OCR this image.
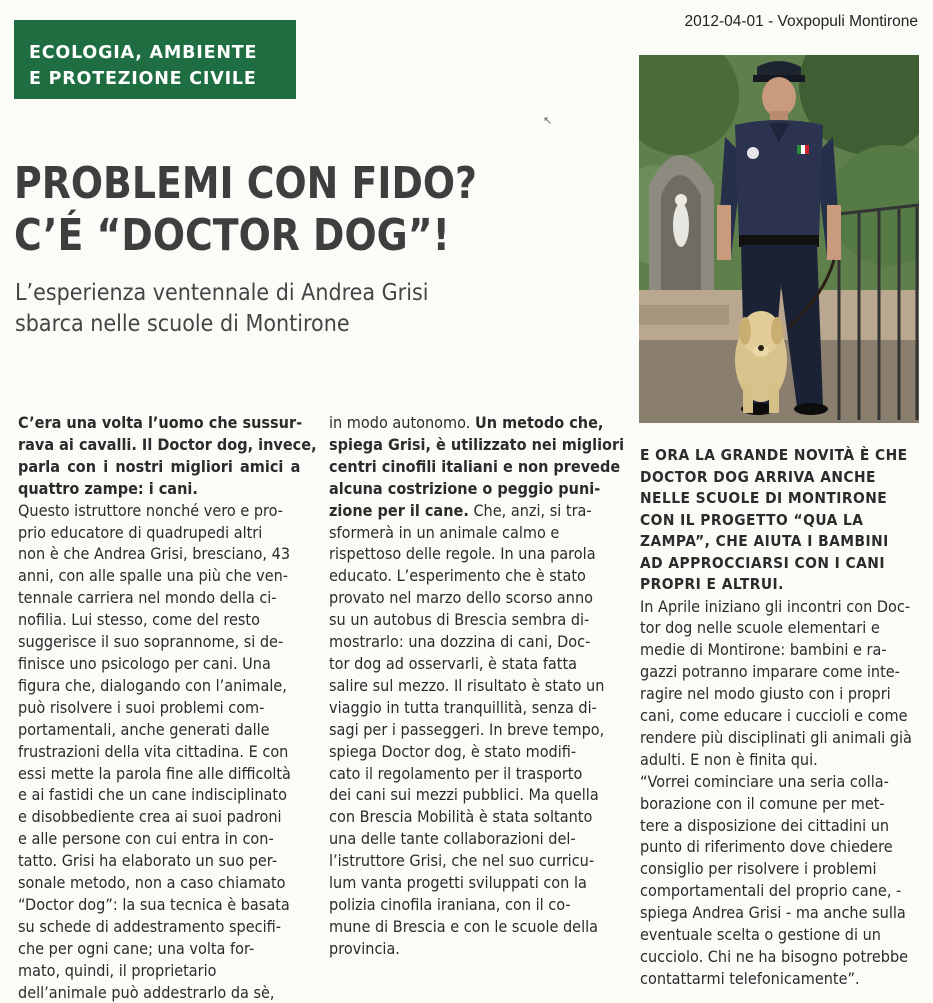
2012-04-01 - Voxpopuli Montirone
ECOLOGIA, AMBIENTE
E PROTEZIONE CIVILE
↖
PROBLEMI CON FIDO?
C’É “DOCTOR DOG”!
L’esperienza ventennale di Andrea Grisi
sbarca nelle scuole di Montirone

C’era una volta l’uomo che sussur-
rava ai cavalli. Il Doctor dog, invece,
parla con i nostri migliori amici a
quattro zampe: i cani.

Questo istruttore nonché vero e pro-
prio educatore di quadrupedi altri
non è che Andrea Grisi, bresciano, 43
anni, con alle spalle una più che ven-
tennale carriera nel mondo della ci-
nofilia. Lui stesso, come del resto
suggerisce il suo soprannome, si de-
finisce uno psicologo per cani. Una
figura che, dialogando con l’animale,
può risolvere i suoi problemi com-
portamentali, anche generati dalle
frustrazioni della vita cittadina. E con
essi mette la parola fine alle difficoltà
e ai fastidi che un cane indisciplinato
e disobbediente crea ai suoi padroni
e alle persone con cui entra in con-
tatto. Grisi ha elaborato un suo per-
sonale metodo, non a caso chiamato
“Doctor dog”: la sua tecnica è basata
su schede di addestramento specifi-
che per ogni cane; una volta for-
mato, quindi, il proprietario
dell’animale può addestrarlo da sè,

in modo autonomo. Un metodo che,
spiega Grisi, è utilizzato nei migliori
centri cinofili italiani e non prevede
alcuna costrizione o peggio puni-
zione per il cane. Che, anzi, si tra-
sformerà in un animale calmo e
rispettoso delle regole. In una parola
educato. L’esperimento che è stato
provato nel marzo dello scorso anno
su un autobus di Brescia sembra di-
mostrarlo: una dozzina di cani, Doc-
tor dog ad osservarli, è stata fatta
salire sul mezzo. Il risultato è stato un
viaggio in tutta tranquillità, senza di-
sagi per i passeggeri. In breve tempo,
spiega Doctor dog, è stato modifi-
cato il regolamento per il trasporto
dei cani sui mezzi pubblici. Ma quella
con Brescia Mobilità è stata soltanto
una delle tante collaborazioni del-
l’istruttore Grisi, che nel suo curricu-
lum vanta progetti sviluppati con la
polizia cinofila iraniana, con il co-
mune di Brescia e con le scuole della
provincia.

E ORA LA GRANDE NOVITÀ È CHE
DOCTOR DOG ARRIVA ANCHE
NELLE SCUOLE DI MONTIRONE
CON IL PROGETTO “QUA LA
ZAMPA”, CHE AIUTA I BAMBINI
AD APPROCCIARSI CON I CANI
PROPRI E ALTRUI.

In Aprile iniziano gli incontri con Doc-
tor dog nelle scuole elementari e
medie di Montirone: bambini e ra-
gazzi potranno imparare come inte-
ragire nel modo giusto con i propri
cani, come educare i cuccioli e come
rendere più disciplinati gli animali già
adulti. E non è finita qui.
“Vorrei cominciare una seria colla-
borazione con il comune per met-
tere a disposizione dei cittadini un
punto di riferimento dove chiedere
consiglio per risolvere i problemi
comportamentali del proprio cane, -
spiega Andrea Grisi - ma anche sulla
eventuale scelta o gestione di un
cucciolo. Chi ne ha bisogno potrebbe
contattarmi telefonicamente”.
